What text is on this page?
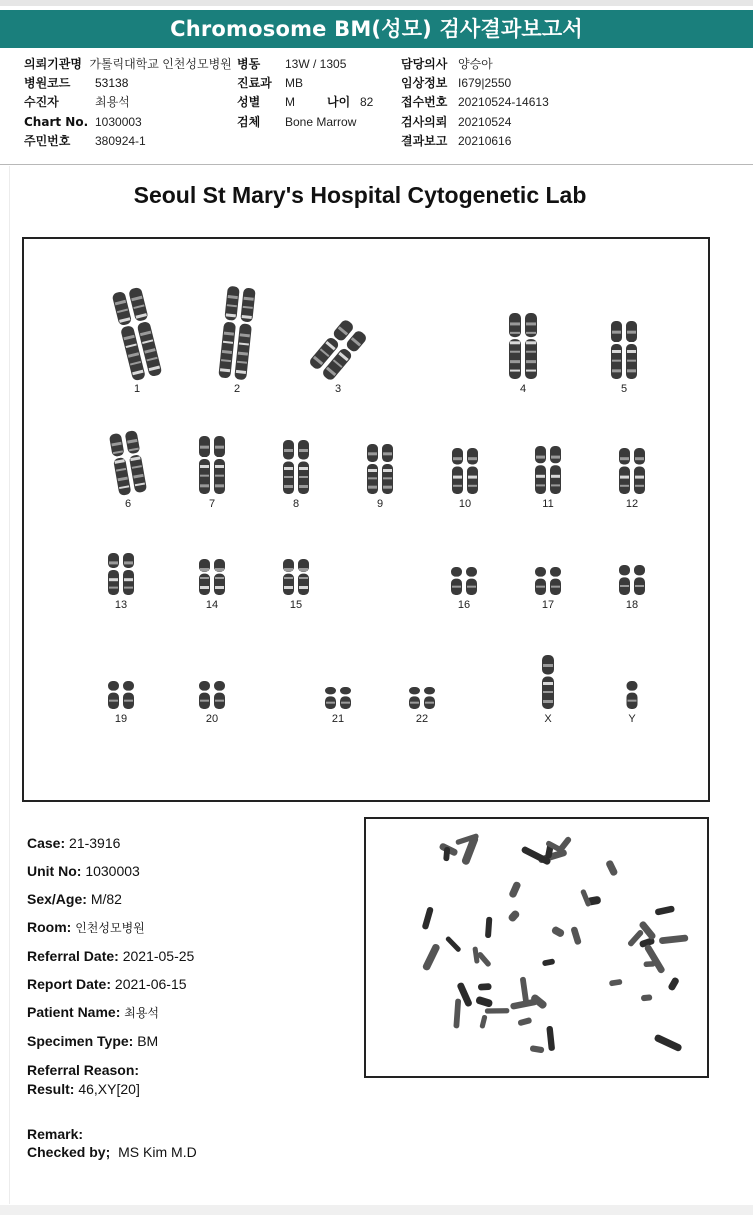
Chromosome BM(성모) 검사결과보고서
의뢰기관명 가톨릭대학교 인천성모병원
병원코드 53138
수진자	최용석
Chart No. 1030003
주민번호 380924-1
병동 13W / 1305
진료과 MB
성별 M	나이 82
검체 Bone Marrow
담당의사 양승아
임상정보 I679|2550
접수번호 20210524-14613
검사의뢰 20210524
결과보고 20210616
Seoul St Mary's Hospital Cytogenetic Lab
1	2	3	4	5
6	7	8	9	10	11	12
13	14	15	16	17	18
19	20	21	22	X	Y
Case: 21-3916
Unit No: 1030003
Sex/Age: M/82
Room: 인천성모병원
Referral Date: 2021-05-25
Report Date: 2021-06-15
Patient Name: 최용석
Specimen Type: BM
Referral Reason:
Result: 46,XY[20]
Remark:
Checked by; MS Kim M.D
